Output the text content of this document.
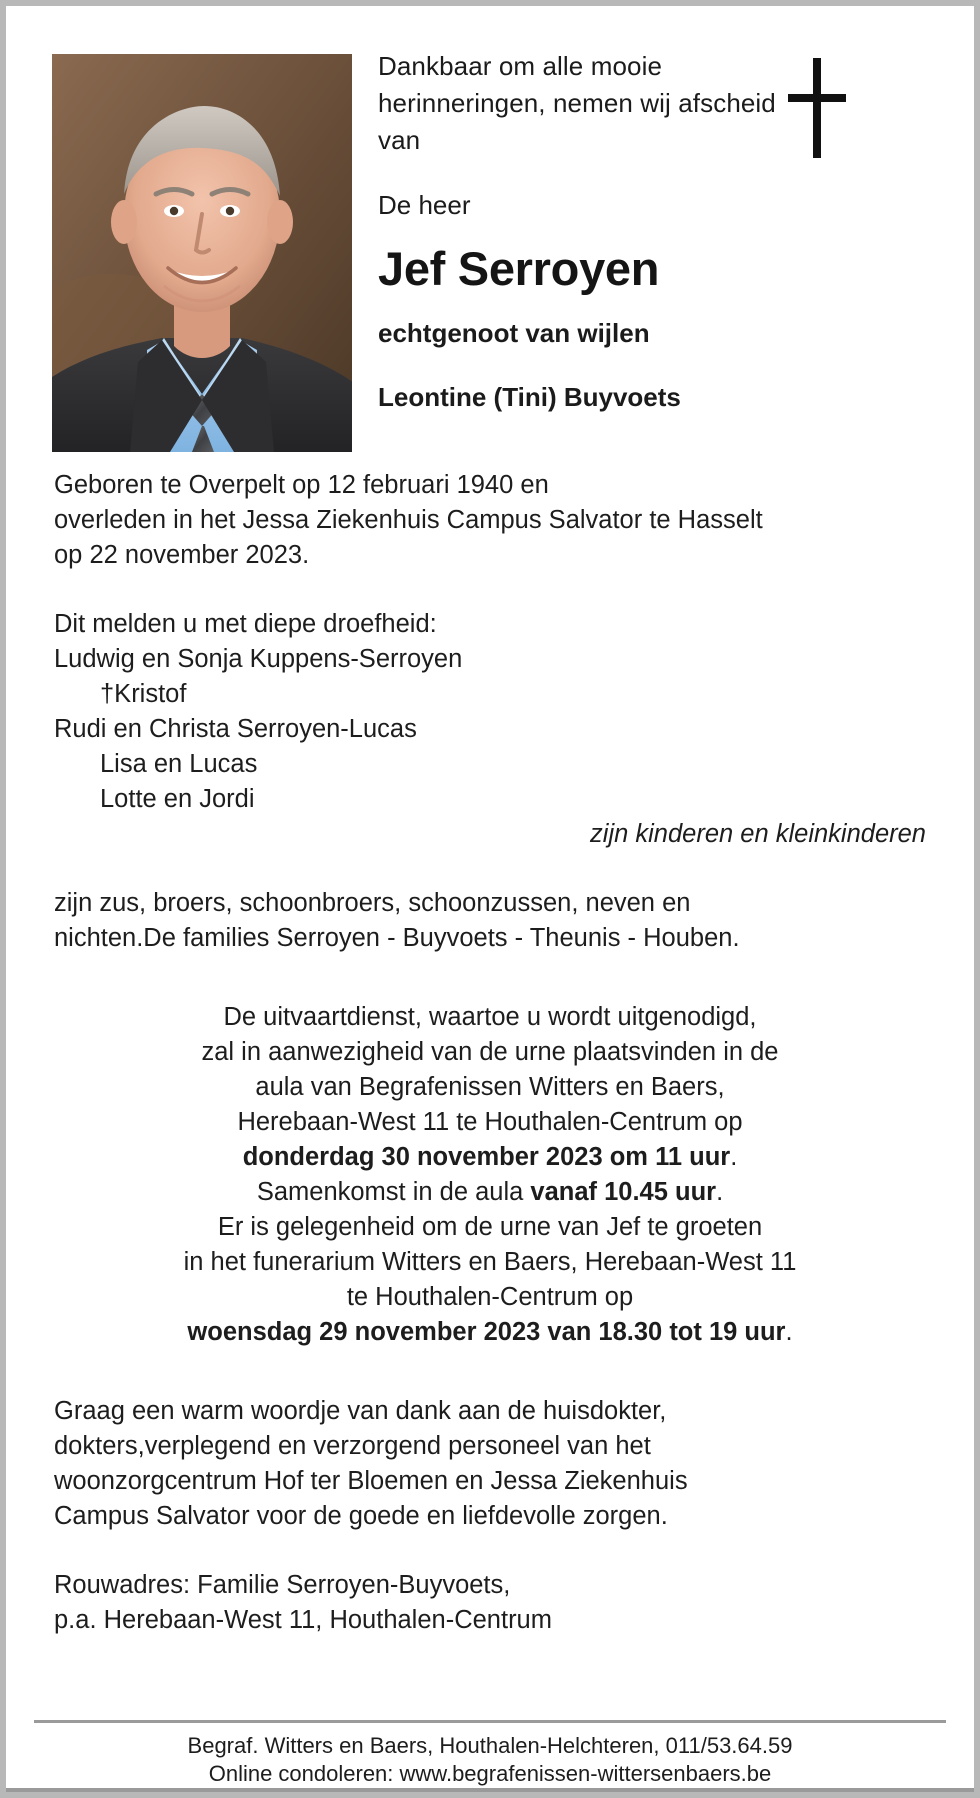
Dankbaar om alle mooie herinneringen, nemen wij afscheid van
De heer
Jef Serroyen
echtgenoot van wijlen
Leontine (Tini) Buyvoets
Geboren te Overpelt op 12 februari 1940 en
overleden in het Jessa Ziekenhuis Campus Salvator te Hasselt
op 22 november 2023.
Dit melden u met diepe droefheid:
Ludwig en Sonja Kuppens-Serroyen
†Kristof
Rudi en Christa Serroyen-Lucas
Lisa en Lucas
Lotte en Jordi
zijn kinderen en kleinkinderen
zijn zus, broers, schoonbroers, schoonzussen, neven en
nichten.De families Serroyen - Buyvoets - Theunis - Houben.
De uitvaartdienst, waartoe u wordt uitgenodigd,
zal in aanwezigheid van de urne plaatsvinden in de
aula van Begrafenissen Witters en Baers,
Herebaan-West 11 te Houthalen-Centrum op
donderdag 30 november 2023 om 11 uur.
Samenkomst in de aula vanaf 10.45 uur.
Er is gelegenheid om de urne van Jef te groeten
in het funerarium Witters en Baers, Herebaan-West 11
te Houthalen-Centrum op
woensdag 29 november 2023 van 18.30 tot 19 uur.
Graag een warm woordje van dank aan de huisdokter,
dokters,verplegend en verzorgend personeel van het
woonzorgcentrum Hof ter Bloemen en Jessa Ziekenhuis
Campus Salvator voor de goede en liefdevolle zorgen.
Rouwadres: Familie Serroyen-Buyvoets,
p.a. Herebaan-West 11, Houthalen-Centrum
Begraf. Witters en Baers, Houthalen-Helchteren, 011/53.64.59
Online condoleren: www.begrafenissen-wittersenbaers.be
